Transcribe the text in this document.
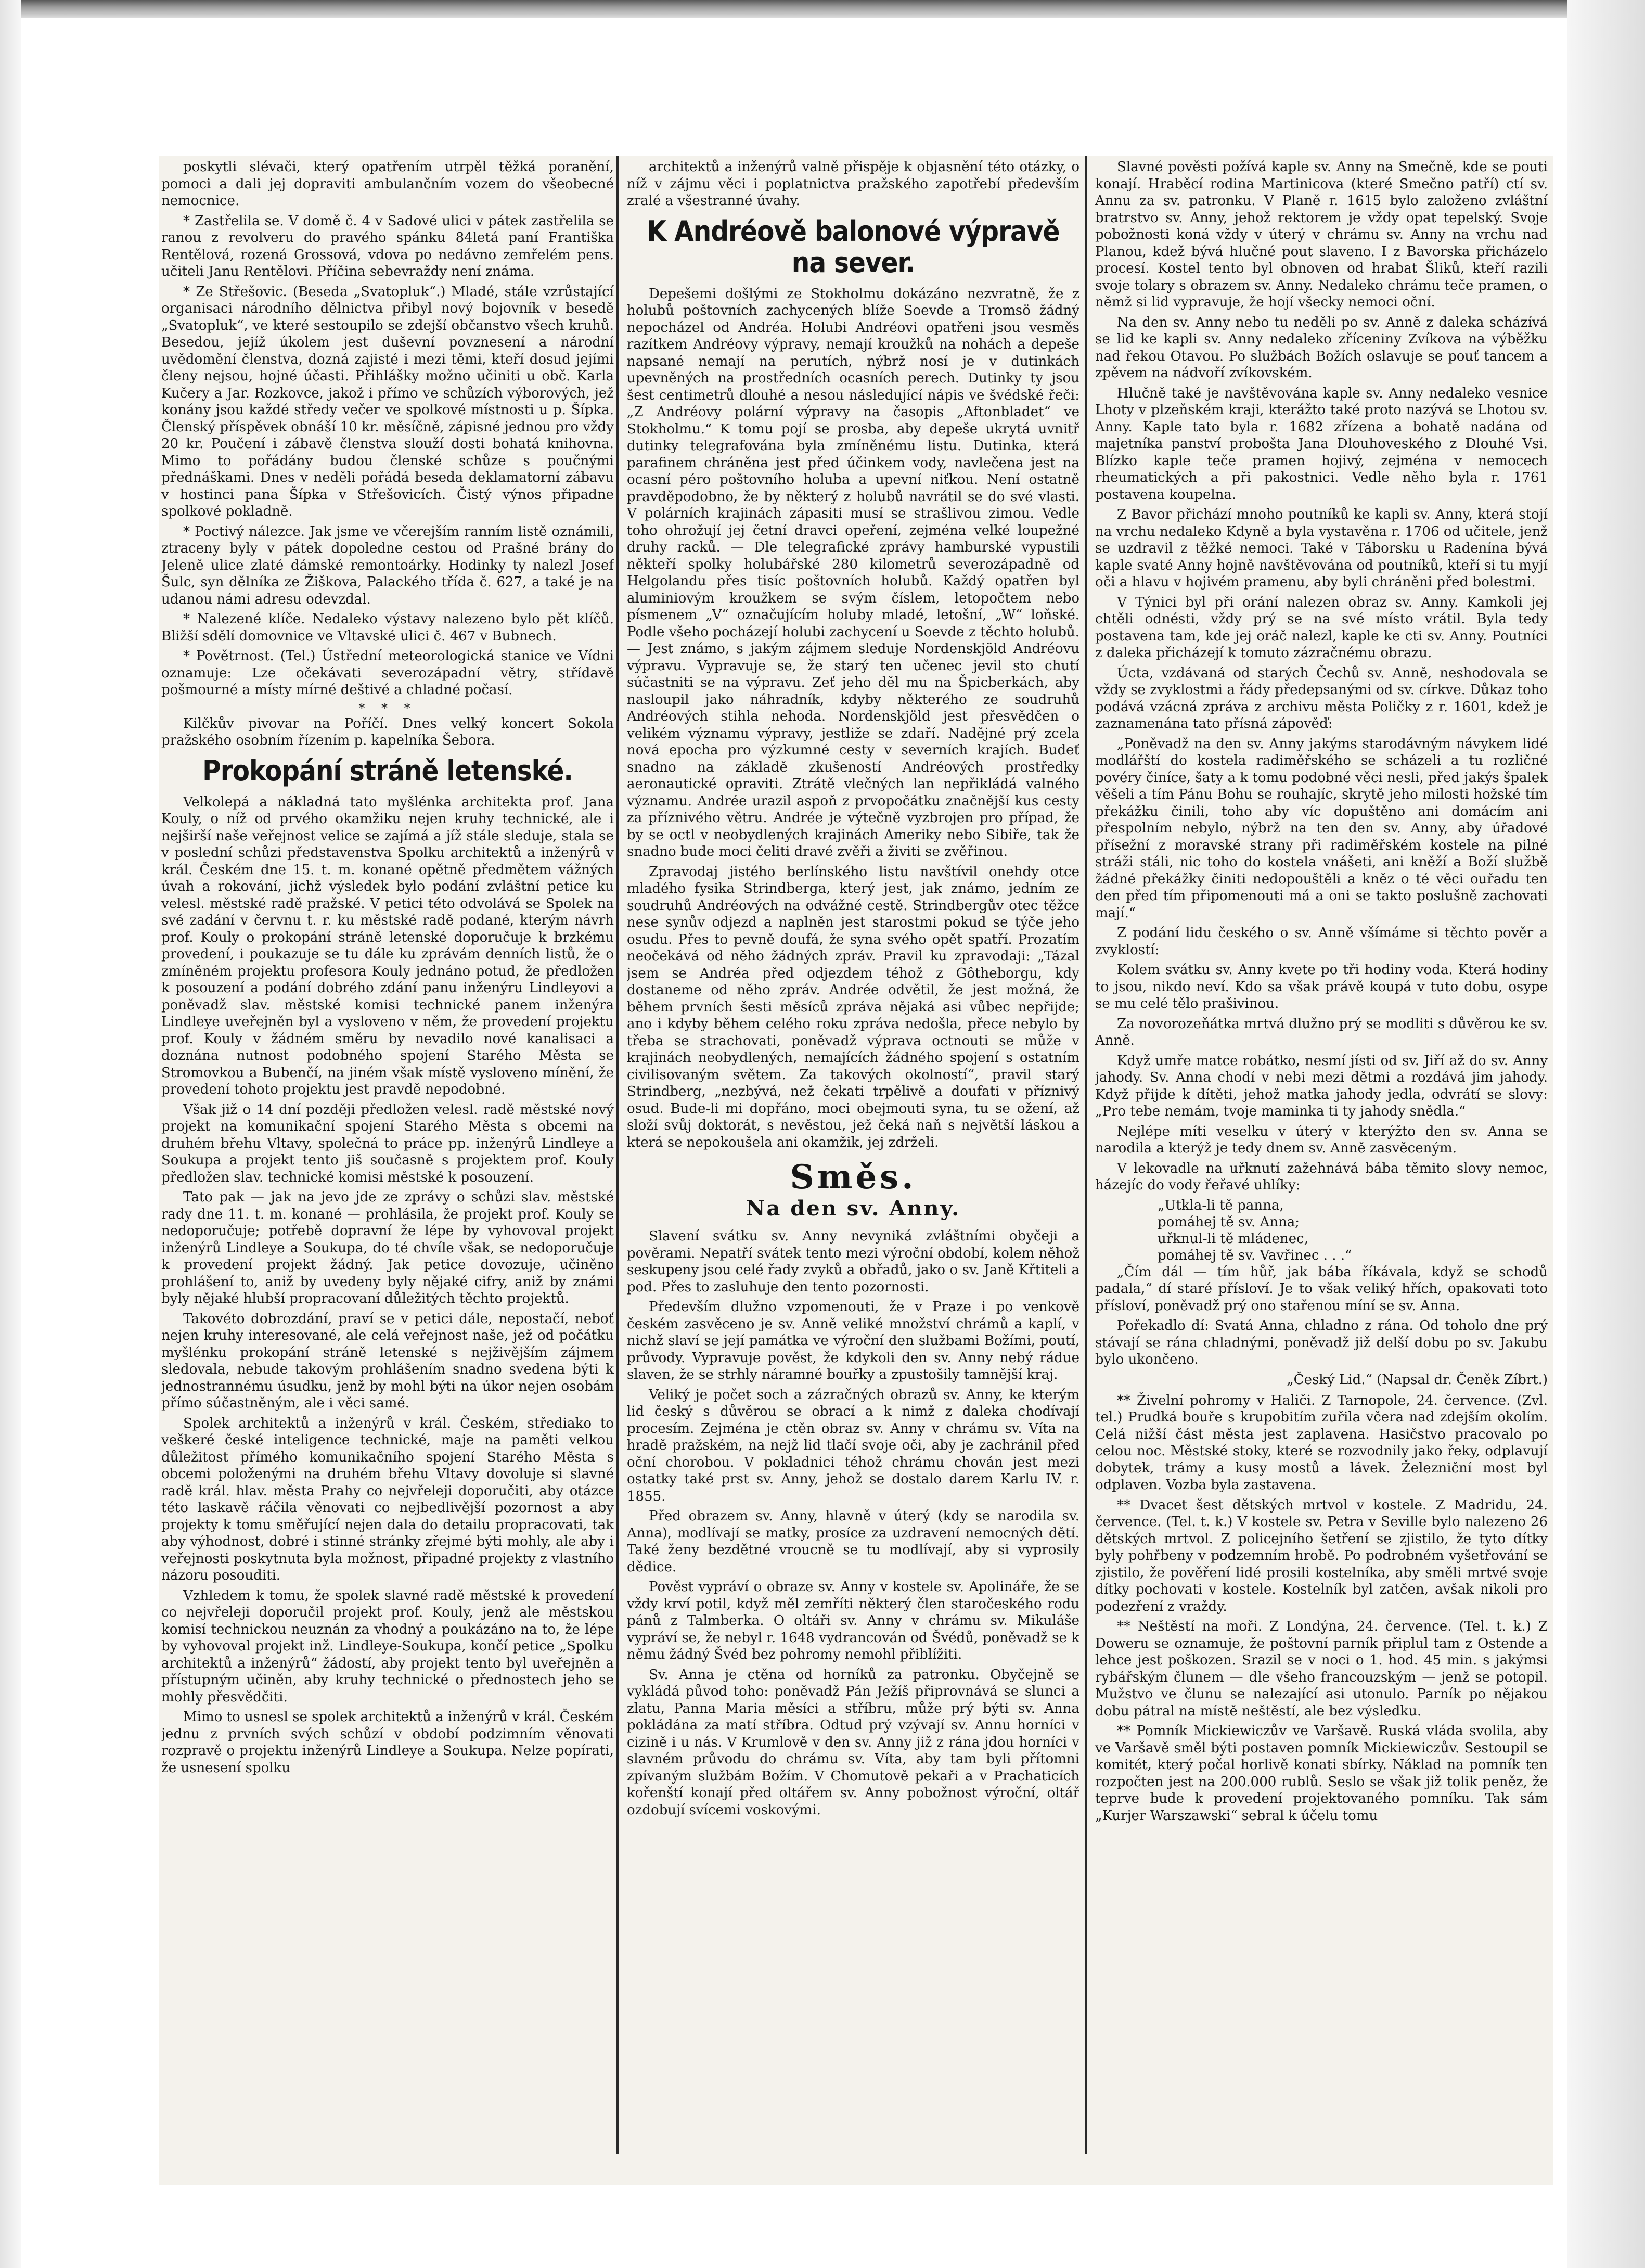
poskytli slévači, který opatřením utrpěl těžká poranění, pomoci a dali jej dopraviti ambulančním vozem do všeobecné nemocnice.

* Zastřelila se. V domě č. 4 v Sadové ulici v pátek zastřelila se ranou z revolveru do pravého spánku 84letá paní Františka Rentělová, rozená Grossová, vdova po nedávno zemřelém pens. učiteli Janu Rentělovi. Příčina sebevraždy není známa.

* Ze Střešovic. (Beseda „Svatopluk“.) Mladé, stále vzrůstající organisaci národního dělnictva přibyl nový bojovník v besedě „Svatopluk“, ve které sestoupilo se zdejší občanstvo všech kruhů. Besedou, jejíž úkolem jest duševní povznesení a národní uvědomění členstva, dozná zajisté i mezi těmi, kteří dosud jejími členy nejsou, hojné účasti. Přihlášky možno učiniti u obč. Karla Kučery a Jar. Rozkovce, jakož i přímo ve schůzích výborových, jež konány jsou každé středy večer ve spolkové místnosti u p. Šípka. Členský příspěvek obnáší 10 kr. měsíčně, zápisné jednou pro vždy 20 kr. Poučení i zábavě členstva slouží dosti bohatá knihovna. Mimo to pořádány budou členské schůze s poučnými přednáškami. Dnes v neděli pořádá beseda deklamatorní zábavu v hostinci pana Šípka v Střešovicích. Čistý výnos připadne spolkové pokladně.

* Poctivý nálezce. Jak jsme ve včerejším ranním listě oznámili, ztraceny byly v pátek dopoledne cestou od Prašné brány do Jeleně ulice zlaté dámské remontoárky. Hodinky ty nalezl Josef Šulc, syn dělníka ze Žiškova, Palackého třída č. 627, a také je na udanou námi adresu odevzdal.

* Nalezené klíče. Nedaleko výstavy nalezeno bylo pět klíčů. Bližší sdělí domovnice ve Vltavské ulici č. 467 v Bubnech.

* Povětrnost. (Tel.) Ústřední meteorologická stanice ve Vídni oznamuje: Lze očekávati severozápadní větry, střídavě pošmourné a místy mírné deštivé a chladné počasí.

* * *

Kilčkův pivovar na Poříčí. Dnes velký koncert Sokola pražského osobním řízením p. kapelníka Šebora.

Prokopání stráně letenské.

Velkolepá a nákladná tato myšlénka architekta prof. Jana Kouly, o níž od prvého okamžiku nejen kruhy technické, ale i nejširší naše veřejnost velice se zajímá a jíž stále sleduje, stala se v poslední schůzi představenstva Spolku architektů a inženýrů v král. Českém dne 15. t. m. konané opětně předmětem vážných úvah a rokování, jichž výsledek bylo podání zvláštní petice ku velesl. městské radě pražské. V petici této odvolává se Spolek na své zadání v červnu t. r. ku městské radě podané, kterým návrh prof. Kouly o prokopání stráně letenské doporučuje k brzkému provedení, i poukazuje se tu dále ku zprávám denních listů, že o zmíněném projektu profesora Kouly jednáno potud, že předložen k posouzení a podání dobrého zdání panu inženýru Lindleyovi a poněvadž slav. městské komisi technické panem inženýra Lindleye uveřejněn byl a vysloveno v něm, že provedení projektu prof. Kouly v žádném směru by nevadilo nové kanalisaci a doznána nutnost podobného spojení Starého Města se Stromovkou a Bubenčí, na jiném však místě vysloveno mínění, že provedení tohoto projektu jest pravdě nepodobné.

Však již o 14 dní později předložen velesl. radě městské nový projekt na komunikační spojení Starého Města s obcemi na druhém břehu Vltavy, společná to práce pp. inženýrů Lindleye a Soukupa a projekt tento jiš současně s projektem prof. Kouly předložen slav. technické komisi městské k posouzení.

Tato pak — jak na jevo jde ze zprávy o schůzi slav. městské rady dne 11. t. m. konané — prohlásila, že projekt prof. Kouly se nedoporučuje; potřebě dopravní že lépe by vyhovoval projekt inženýrů Lindleye a Soukupa, do té chvíle však, se nedoporučuje k provedení projekt žádný. Jak petice dovozuje, učiněno prohlášení to, aniž by uvedeny byly nějaké cifry, aniž by známi byly nějaké hlubší propracovaní důležitých těchto projektů.

Takovéto dobrozdání, praví se v petici dále, nepostačí, neboť nejen kruhy interesované, ale celá veřejnost naše, jež od počátku myšlénku prokopání stráně letenské s nejživějším zájmem sledovala, nebude takovým prohlášením snadno svedena býti k jednostrannému úsudku, jenž by mohl býti na úkor nejen osobám přímo súčastněným, ale i věci samé.

Spolek architektů a inženýrů v král. Českém, střediako to veškeré české inteligence technické, maje na paměti velkou důležitost přímého komunikačního spojení Starého Města s obcemi položenými na druhém břehu Vltavy dovoluje si slavné radě král. hlav. města Prahy co nejvřeleji doporučiti, aby otázce této laskavě ráčila věnovati co nejbedlivější pozornost a aby projekty k tomu směřující nejen dala do detailu propracovati, tak aby výhodnost, dobré i stinné stránky zřejmé býti mohly, ale aby i veřejnosti poskytnuta byla možnost, připadné projekty z vlastního názoru posouditi.

Vzhledem k tomu, že spolek slavné radě městské k provedení co nejvřeleji doporučil projekt prof. Kouly, jenž ale městskou komisí technickou neuznán za vhodný a poukázáno na to, že lépe by vyhovoval projekt inž. Lindleye-Soukupa, končí petice „Spolku architektů a inženýrů“ žádostí, aby projekt tento byl uveřejněn a přístupným učiněn, aby kruhy technické o přednostech jeho se mohly přesvědčiti.

Mimo to usnesl se spolek architektů a inženýrů v král. Českém jednu z prvních svých schůzí v období podzimním věnovati rozpravě o projektu inženýrů Lindleye a Soukupa. Nelze popírati, že usnesení spolku

architektů a inženýrů valně přispěje k objasnění této otázky, o níž v zájmu věci i poplatnictva pražského zapotřebí především zralé a všestranné úvahy.

K Andréově balonové výpravě na sever.

Depešemi došlými ze Stokholmu dokázáno nezvratně, že z holubů poštovních zachycených blíže Soevde a Tromsö žádný nepocházel od Andréa. Holubi Andréovi opatřeni jsou vesměs razítkem Andréovy výpravy, nemají kroužků na nohách a depeše napsané nemají na perutích, nýbrž nosí je v dutinkách upevněných na prostředních ocasních perech. Dutinky ty jsou šest centimetrů dlouhé a nesou následující nápis ve švédské řeči: „Z Andréovy polární výpravy na časopis „Aftonbladet“ ve Stokholmu.“ K tomu pojí se prosba, aby depeše ukrytá uvnitř dutinky telegrafována byla zmíněnému listu. Dutinka, která parafinem chráněna jest před účinkem vody, navlečena jest na ocasní péro poštovního holuba a upevní niťkou. Není ostatně pravděpodobno, že by některý z holubů navrátil se do své vlasti. V polárních krajinách zápasiti musí se strašlivou zimou. Vedle toho ohrožují jej četní dravci opeření, zejména velké loupežné druhy racků. — Dle telegrafické zprávy hamburské vypustili někteří spolky holubářské 280 kilometrů severozápadně od Helgolandu přes tisíc poštovních holubů. Každý opatřen byl aluminiovým kroužkem se svým číslem, letopočtem nebo písmenem „V“ označujícím holuby mladé, letošní, „W“ loňské. Podle všeho pocházejí holubi zachycení u Soevde z těchto holubů. — Jest známo, s jakým zájmem sleduje Nordenskjöld Andréovu výpravu. Vypravuje se, že starý ten učenec jevil sto chutí súčastniti se na výpravu. Zeť jeho děl mu na Špicberkách, aby nasloupil jako náhradník, kdyby některého ze soudruhů Andréových stihla nehoda. Nordenskjöld jest přesvědčen o velikém významu výpravy, jestliže se zdaří. Nadějné prý zcela nová epocha pro výzkumné cesty v severních krajích. Budeť snadno na základě zkušeností Andréových prostředky aeronautické opraviti. Ztrátě vlečných lan nepřikládá valného významu. Andrée urazil aspoň z prvopočátku značnější kus cesty za příznivého větru. Andrée je výtečně vyzbrojen pro případ, že by se octl v neobydlených krajinách Ameriky nebo Sibiře, tak že snadno bude moci čeliti dravé zvěři a živiti se zvěřinou.

Zpravodaj jistého berlínského listu navštívil onehdy otce mladého fysika Strindberga, který jest, jak známo, jedním ze soudruhů Andréových na odvážné cestě. Strindbergův otec těžce nese synův odjezd a naplněn jest starostmi pokud se týče jeho osudu. Přes to pevně doufá, že syna svého opět spatří. Prozatím neočekává od něho žádných zpráv. Pravil ku zpravodaji: „Tázal jsem se Andréa před odjezdem téhož z Gôtheborgu, kdy dostaneme od něho zpráv. Andrée odvětil, že jest možná, že během prvních šesti měsíců zpráva nějaká asi vůbec nepřijde; ano i kdyby během celého roku zpráva nedošla, přece nebylo by třeba se strachovati, poněvadž výprava octnouti se může v krajinách neobydlených, nemajících žádného spojení s ostatním civilisovaným světem. Za takových okolností“, pravil starý Strindberg, „nezbývá, než čekati trpělivě a doufati v příznivý osud. Bude-li mi dopřáno, moci obejmouti syna, tu se ožení, až složí svůj doktorát, s nevěstou, jež čeká naň s největší láskou a která se nepokoušela ani okamžik, jej zdrželi.

Směs.
Na den sv. Anny.

Slavení svátku sv. Anny nevyniká zvláštními obyčeji a pověrami. Nepatří svátek tento mezi výroční období, kolem něhož seskupeny jsou celé řady zvyků a obřadů, jako o sv. Janě Křtiteli a pod. Přes to zasluhuje den tento pozornosti.

Především dlužno vzpomenouti, že v Praze i po venkově českém zasvěceno je sv. Anně veliké množství chrámů a kaplí, v nichž slaví se její památka ve výroční den službami Božími, poutí, průvody. Vypravuje pověst, že kdykoli den sv. Anny nebý rádue slaven, že se strhly náramné bouřky a zpustošily tamnější kraj.

Veliký je počet soch a zázračných obrazů sv. Anny, ke kterým lid český s důvěrou se obrací a k nimž z daleka chodívají procesím. Zejména je ctěn obraz sv. Anny v chrámu sv. Víta na hradě pražském, na nejž lid tlačí svoje oči, aby je zachránil před oční chorobou. V pokladnici téhož chrámu chován jest mezi ostatky také prst sv. Anny, jehož se dostalo darem Karlu IV. r. 1855.

Před obrazem sv. Anny, hlavně v úterý (kdy se narodila sv. Anna), modlívají se matky, prosíce za uzdravení nemocných dětí. Také ženy bezdětné vroucně se tu modlívají, aby si vyprosily dědice.

Pověst vypráví o obraze sv. Anny v kostele sv. Apolináře, že se vždy krví potil, když měl zemříti některý člen staročeského rodu pánů z Talmberka. O oltáři sv. Anny v chrámu sv. Mikuláše vypráví se, že nebyl r. 1648 vydrancován od Švédů, poněvadž se k němu žádný Švéd bez pohromy nemohl přiblížiti.

Sv. Anna je ctěna od horníků za patronku. Obyčejně se vykládá původ toho: poněvadž Pán Ježíš připrovnává se slunci a zlatu, Panna Maria měsíci a stříbru, může prý býti sv. Anna pokládána za matí stříbra. Odtud prý vzývají sv. Annu horníci v cizině i u nás. V Krumlově v den sv. Anny již z rána jdou horníci v slavném průvodu do chrámu sv. Víta, aby tam byli přítomni zpívaným službám Božím. V Chomutově pekaři a v Prachaticích kořenští konají před oltářem sv. Anny pobožnost výroční, oltář ozdobují svícemi voskovými.

Slavné pověsti požívá kaple sv. Anny na Smečně, kde se pouti konají. Hraběcí rodina Martinicova (které Smečno patří) ctí sv. Annu za sv. patronku. V Planě r. 1615 bylo založeno zvláštní bratrstvo sv. Anny, jehož rektorem je vždy opat tepelský. Svoje pobožnosti koná vždy v úterý v chrámu sv. Anny na vrchu nad Planou, kdež bývá hlučné pout slaveno. I z Bavorska přicházelo procesí. Kostel tento byl obnoven od hrabat Šliků, kteří razili svoje tolary s obrazem sv. Anny. Nedaleko chrámu teče pramen, o němž si lid vypravuje, že hojí všecky nemoci oční.

Na den sv. Anny nebo tu neděli po sv. Anně z daleka scházívá se lid ke kapli sv. Anny nedaleko zříceniny Zvíkova na výběžku nad řekou Otavou. Po službách Božích oslavuje se pouť tancem a zpěvem na nádvoří zvíkovském.

Hlučně také je navštěvována kaple sv. Anny nedaleko vesnice Lhoty v plzeňském kraji, kterážto také proto nazývá se Lhotou sv. Anny. Kaple tato byla r. 1682 zřízena a bohatě nadána od majetníka panství probošta Jana Dlouhoveského z Dlouhé Vsi. Blízko kaple teče pramen hojivý, zejména v nemocech rheumatických a při pakostnici. Vedle něho byla r. 1761 postavena koupelna.

Z Bavor přichází mnoho poutníků ke kapli sv. Anny, která stojí na vrchu nedaleko Kdyně a byla vystavěna r. 1706 od učitele, jenž se uzdravil z těžké nemoci. Také v Táborsku u Radenína bývá kaple svaté Anny hojně navštěvována od poutníků, kteří si tu myjí oči a hlavu v hojivém pramenu, aby byli chráněni před bolestmi.

V Týnici byl při orání nalezen obraz sv. Anny. Kamkoli jej chtěli odnésti, vždy prý se na své místo vrátil. Byla tedy postavena tam, kde jej oráč nalezl, kaple ke cti sv. Anny. Poutníci z daleka přicházejí k tomuto zázračnému obrazu.

Úcta, vzdávaná od starých Čechů sv. Anně, neshodovala se vždy se zvyklostmi a řády předepsanými od sv. církve. Důkaz toho podává vzácná zpráva z archivu města Poličky z r. 1601, kdež je zaznamenána tato přísná zápověď:

„Poněvadž na den sv. Anny jakýms starodávným návykem lidé modlářští do kostela radiměřského se scházeli a tu rozličné povéry činíce, šaty a k tomu podobné věci nesli, před jakýs špalek věšeli a tím Pánu Bohu se rouhajíc, skrytě jeho milosti hožské tím překážku činili, toho aby víc dopuštěno ani domácím ani přespolním nebylo, nýbrž na ten den sv. Anny, aby úřadové přísežní z moravské strany při radiměřském kostele na pilné stráži stáli, nic toho do kostela vnášeti, ani kněží a Boží službě žádné překážky činiti nedopouštěli a kněz o té věci ouřadu ten den před tím připomenouti má a oni se takto poslušně zachovati mají.“

Z podání lidu českého o sv. Anně všímáme si těchto pověr a zvyklostí:

Kolem svátku sv. Anny kvete po tři hodiny voda. Která hodiny to jsou, nikdo neví. Kdo sa však právě koupá v tuto dobu, osype se mu celé tělo prašivinou.

Za novorozeňátka mrtvá dlužno prý se modliti s důvěrou ke sv. Anně.

Když umře matce robátko, nesmí jísti od sv. Jiří až do sv. Anny jahody. Sv. Anna chodí v nebi mezi dětmi a rozdává jim jahody. Když přijde k dítěti, jehož matka jahody jedla, odvrátí se slovy: „Pro tebe nemám, tvoje maminka ti ty jahody snědla.“

Nejlépe míti veselku v úterý v kterýžto den sv. Anna se narodila a kterýž je tedy dnem sv. Anně zasvěceným.

V lekovadle na uřknutí zažehnává bába těmito slovy nemoc, házejíc do vody řeřavé uhlíky:

„Utkla-li tě panna,
pomáhej tě sv. Anna;
uřknul-li tě mládenec,
pomáhej tě sv. Vavřinec . . .“

„Čím dál — tím hůř, jak bába říkávala, když se schodů padala,“ dí staré přísloví. Je to však veliký hřích, opakovati toto přísloví, poněvadž prý ono stařenou míní se sv. Anna.

Pořekadlo dí: Svatá Anna, chladno z rána. Od toholo dne prý stávají se rána chladnými, poněvadž již delší dobu po sv. Jakubu bylo ukončeno.

„Český Lid.“ (Napsal dr. Čeněk Zíbrt.)

** Živelní pohromy v Haliči. Z Tarnopole, 24. července. (Zvl. tel.) Prudká bouře s krupobitím zuřila včera nad zdejším okolím. Celá nižší část města jest zaplavena. Hasičstvo pracovalo po celou noc. Městské stoky, které se rozvodnily jako řeky, odplavují dobytek, trámy a kusy mostů a lávek. Železniční most byl odplaven. Vozba byla zastavena.

** Dvacet šest dětských mrtvol v kostele. Z Madridu, 24. července. (Tel. t. k.) V kostele sv. Petra v Seville bylo nalezeno 26 dětských mrtvol. Z policejního šetření se zjistilo, že tyto dítky byly pohřbeny v podzemním hrobě. Po podrobném vyšetřování se zjistilo, že pověření lidé prosili kostelníka, aby směli mrtvé svoje dítky pochovati v kostele. Kostelník byl zatčen, avšak nikoli pro podezření z vraždy.

** Neštěstí na moři. Z Londýna, 24. července. (Tel. t. k.) Z Doweru se oznamuje, že poštovní parník připlul tam z Ostende a lehce jest poškozen. Srazil se v noci o 1. hod. 45 min. s jakýmsi rybářským člunem — dle všeho francouzským — jenž se potopil. Mužstvo ve člunu se nalezající asi utonulo. Parník po nějakou dobu pátral na místě neštěstí, ale bez výsledku.

** Pomník Mickiewiczův ve Varšavě. Ruská vláda svolila, aby ve Varšavě směl býti postaven pomník Mickiewiczův. Sestoupil se komitét, který počal horlivě konati sbírky. Náklad na pomník ten rozpočten jest na 200.000 rublů. Seslo se však již tolik peněz, že teprve bude k provedení projektovaného pomníku. Tak sám „Kurjer Warszawski“ sebral k účelu tomu
